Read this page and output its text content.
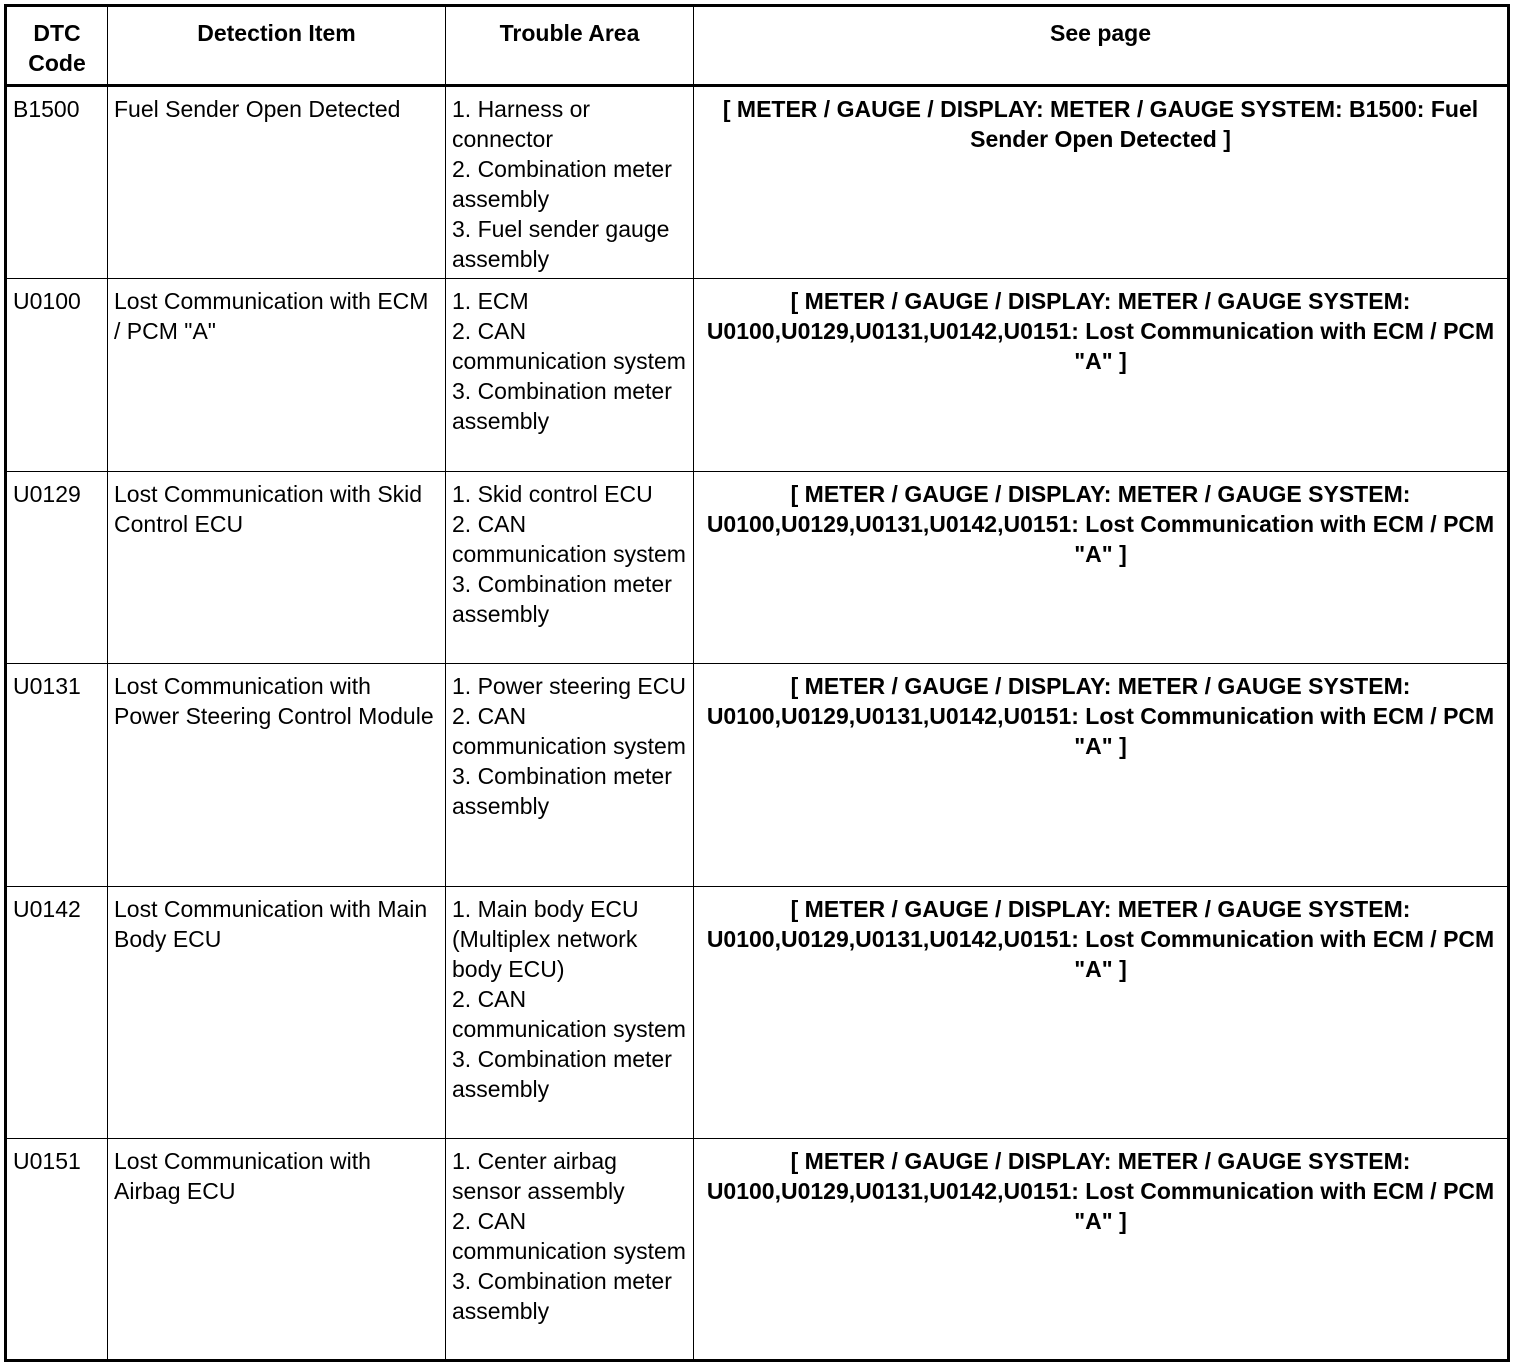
DTC Code	Detection Item	Trouble Area	See page
B1500	Fuel Sender Open Detected	1. Harness or connector
2. Combination meter assembly
3. Fuel sender gauge assembly	[ METER / GAUGE / DISPLAY: METER / GAUGE SYSTEM: B1500: Fuel Sender Open Detected ]
U0100	Lost Communication with ECM / PCM "A"	1. ECM
2. CAN communication system
3. Combination meter assembly	[ METER / GAUGE / DISPLAY: METER / GAUGE SYSTEM: U0100,U0129,U0131,U0142,U0151: Lost Communication with ECM / PCM "A" ]
U0129	Lost Communication with Skid Control ECU	1. Skid control ECU
2. CAN communication system
3. Combination meter assembly	[ METER / GAUGE / DISPLAY: METER / GAUGE SYSTEM: U0100,U0129,U0131,U0142,U0151: Lost Communication with ECM / PCM "A" ]
U0131	Lost Communication with Power Steering Control Module	1. Power steering ECU
2. CAN communication system
3. Combination meter assembly	[ METER / GAUGE / DISPLAY: METER / GAUGE SYSTEM: U0100,U0129,U0131,U0142,U0151: Lost Communication with ECM / PCM "A" ]
U0142	Lost Communication with Main Body ECU	1. Main body ECU (Multiplex network body ECU)
2. CAN communication system
3. Combination meter assembly	[ METER / GAUGE / DISPLAY: METER / GAUGE SYSTEM: U0100,U0129,U0131,U0142,U0151: Lost Communication with ECM / PCM "A" ]
U0151	Lost Communication with Airbag ECU	1. Center airbag sensor assembly
2. CAN communication system
3. Combination meter assembly	[ METER / GAUGE / DISPLAY: METER / GAUGE SYSTEM: U0100,U0129,U0131,U0142,U0151: Lost Communication with ECM / PCM "A" ]
